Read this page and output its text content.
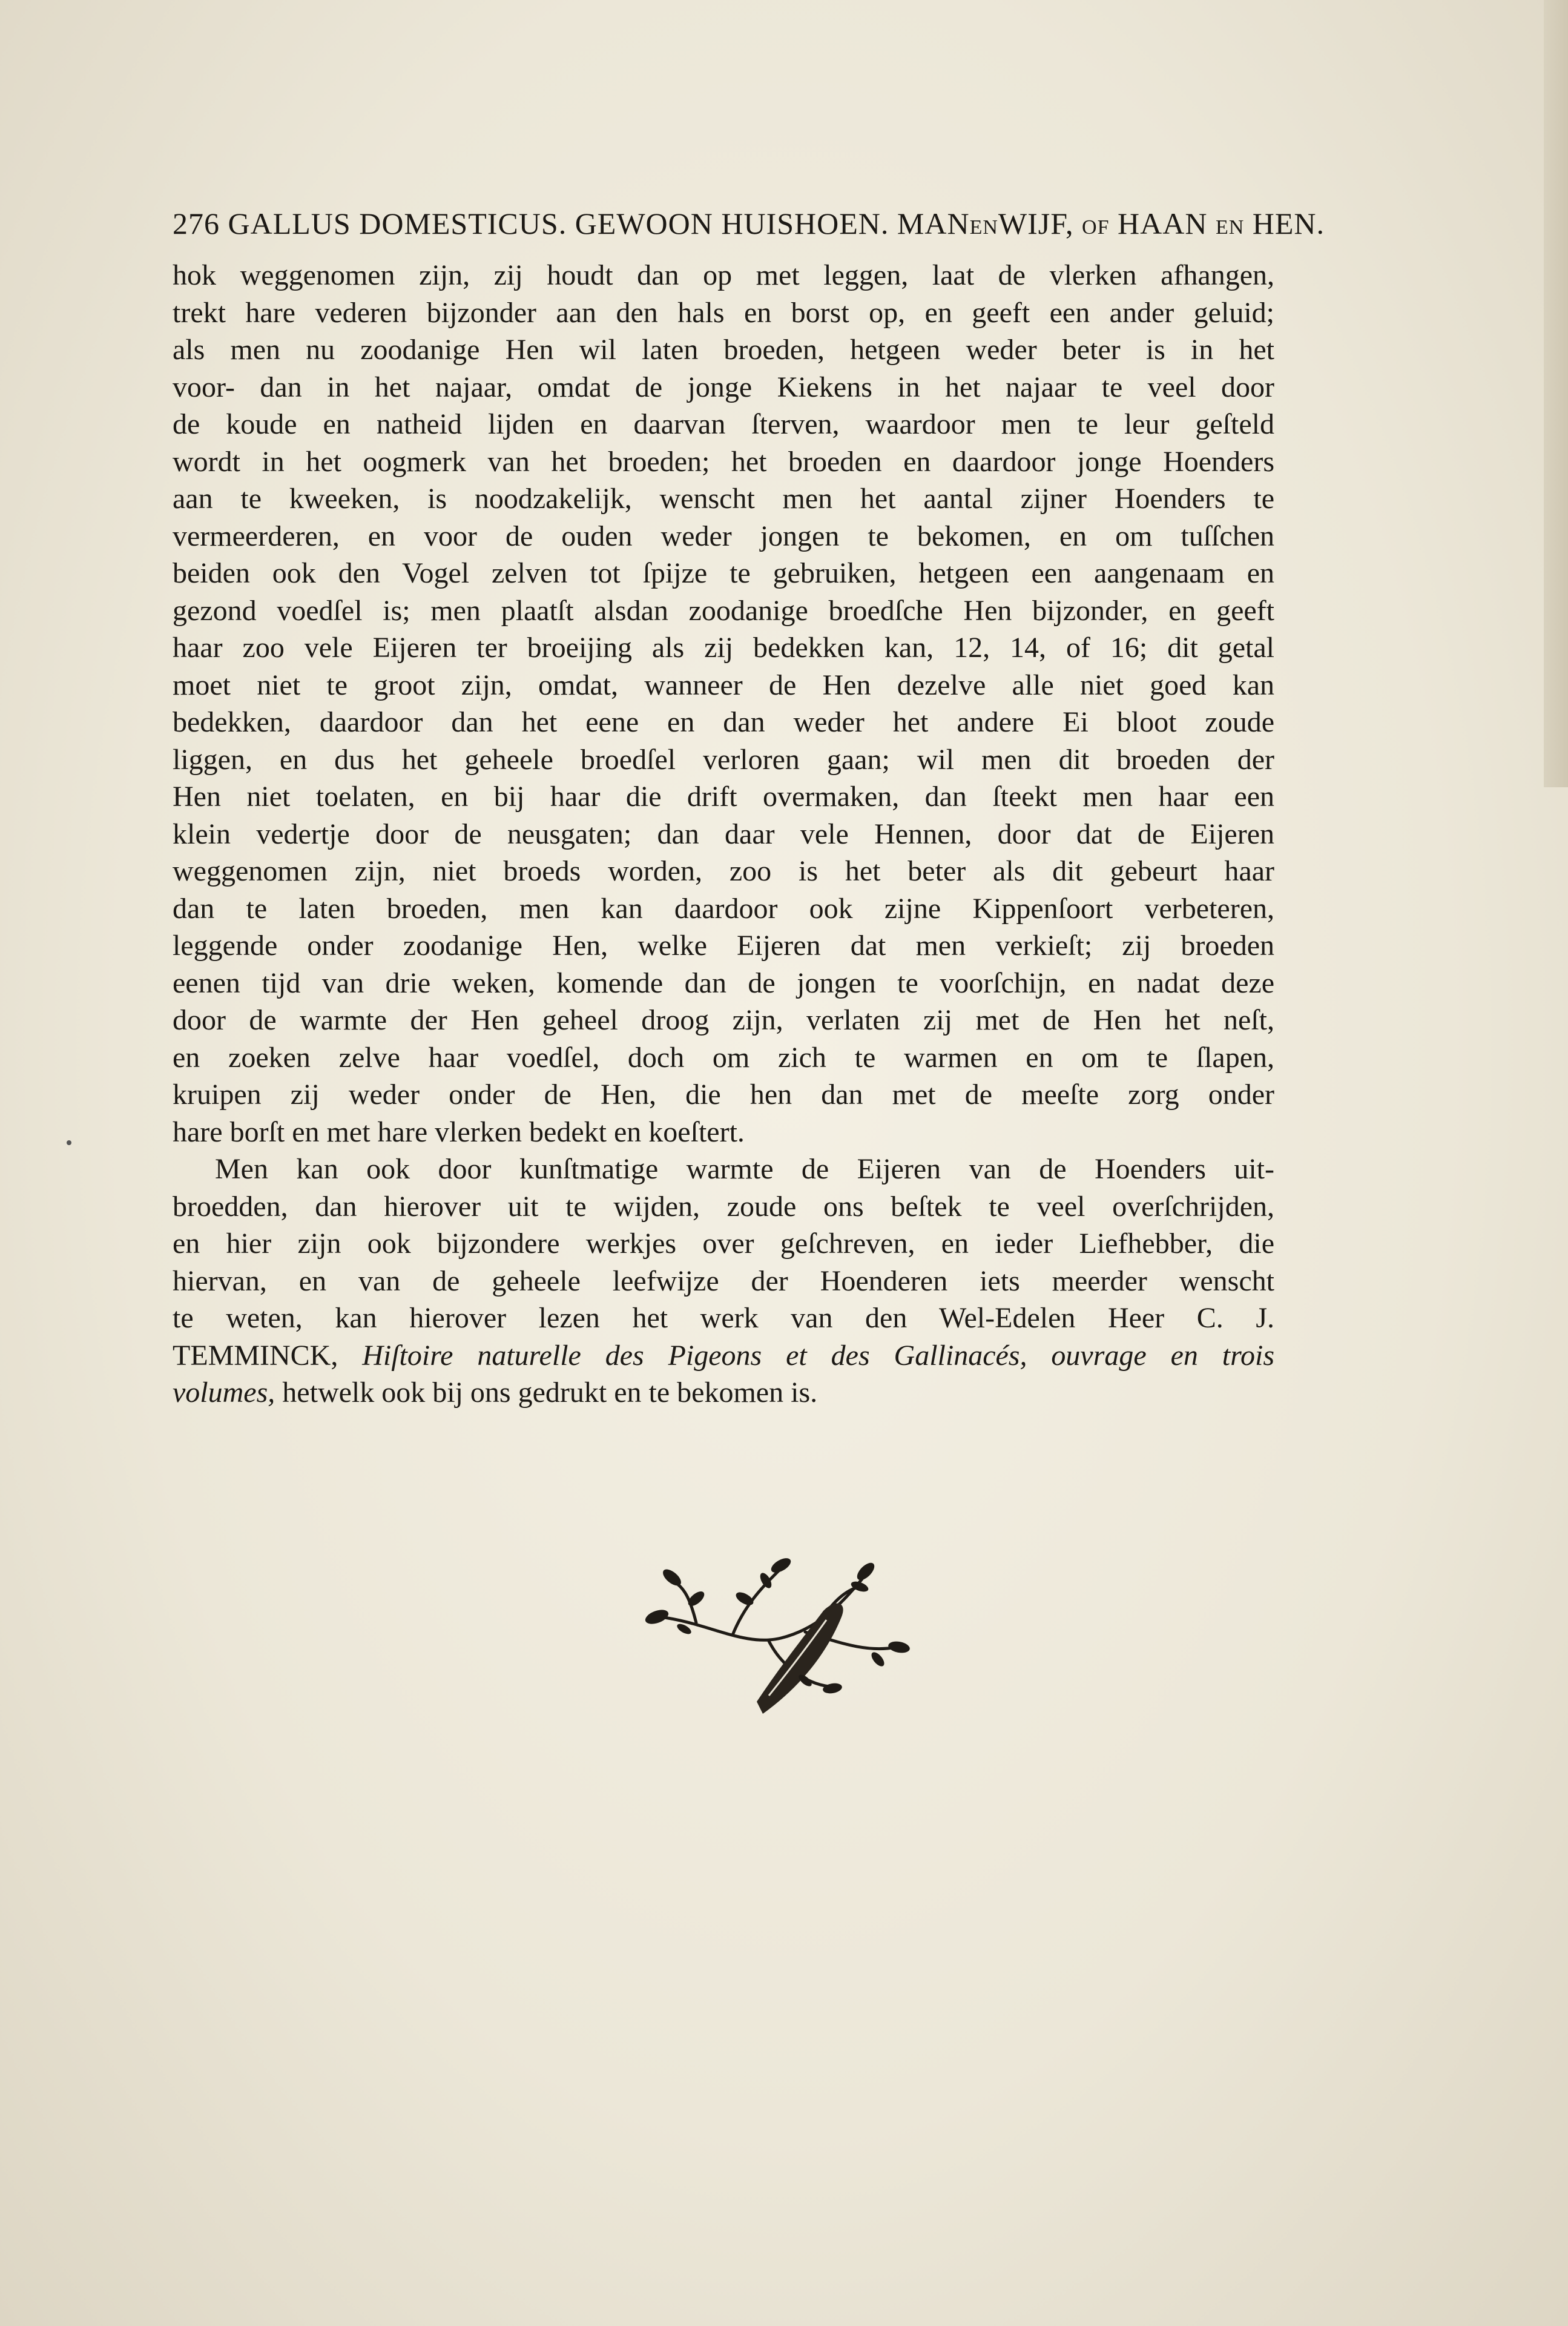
276 GALLUS DOMESTICUS. GEWOON HUISHOEN. MANENWIJF, OF HAAN EN HEN.
hok weggenomen zijn, zij houdt dan op met leggen, laat de vlerken afhangen,
trekt hare vederen bijzonder aan den hals en borst op, en geeft een ander geluid;
als men nu zoodanige Hen wil laten broeden, hetgeen weder beter is in het
voor- dan in het najaar, omdat de jonge Kiekens in het najaar te veel door
de koude en natheid lijden en daarvan ſterven, waardoor men te leur geſteld
wordt in het oogmerk van het broeden; het broeden en daardoor jonge Hoenders
aan te kweeken, is noodzakelijk, wenscht men het aantal zijner Hoenders te
vermeerderen, en voor de ouden weder jongen te bekomen, en om tuſſchen
beiden ook den Vogel zelven tot ſpijze te gebruiken, hetgeen een aangenaam en
gezond voedſel is; men plaatſt alsdan zoodanige broedſche Hen bijzonder, en geeft
haar zoo vele Eijeren ter broeijing als zij bedekken kan, 12, 14, of 16; dit getal
moet niet te groot zijn, omdat, wanneer de Hen dezelve alle niet goed kan
bedekken, daardoor dan het eene en dan weder het andere Ei bloot zoude
liggen, en dus het geheele broedſel verloren gaan; wil men dit broeden der
Hen niet toelaten, en bij haar die drift overmaken, dan ſteekt men haar een
klein vedertje door de neusgaten; dan daar vele Hennen, door dat de Eijeren
weggenomen zijn, niet broeds worden, zoo is het beter als dit gebeurt haar
dan te laten broeden, men kan daardoor ook zijne Kippenſoort verbeteren,
leggende onder zoodanige Hen, welke Eijeren dat men verkieſt; zij broeden
eenen tijd van drie weken, komende dan de jongen te voorſchijn, en nadat deze
door de warmte der Hen geheel droog zijn, verlaten zij met de Hen het neſt,
en zoeken zelve haar voedſel, doch om zich te warmen en om te ſlapen,
kruipen zij weder onder de Hen, die hen dan met de meeſte zorg onder
hare borſt en met hare vlerken bedekt en koeſtert.
Men kan ook door kunſtmatige warmte de Eijeren van de Hoenders uit-
broedden, dan hierover uit te wijden, zoude ons beſtek te veel overſchrijden,
en hier zijn ook bijzondere werkjes over geſchreven, en ieder Liefhebber, die
hiervan, en van de geheele leefwijze der Hoenderen iets meerder wenscht
te weten, kan hierover lezen het werk van den Wel-Edelen Heer C. J.
TEMMINCK, Hiſtoire naturelle des Pigeons et des Gallinacés, ouvrage en trois
volumes, hetwelk ook bij ons gedrukt en te bekomen is.
